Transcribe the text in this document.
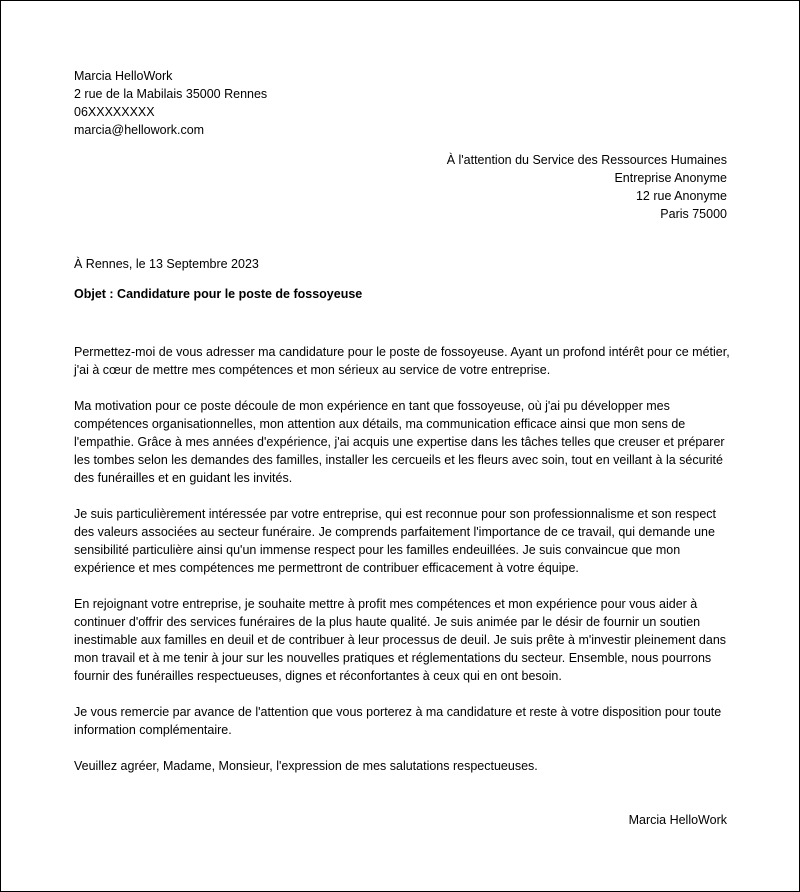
Marcia HelloWork
2 rue de la Mabilais 35000 Rennes
06XXXXXXXX
marcia@hellowork.com
À l'attention du Service des Ressources Humaines
Entreprise Anonyme
12 rue Anonyme
Paris 75000
À Rennes, le 13 Septembre 2023
Objet : Candidature pour le poste de fossoyeuse

Permettez-moi de vous adresser ma candidature pour le poste de fossoyeuse. Ayant un profond intérêt pour ce métier, j'ai à cœur de mettre mes compétences et mon sérieux au service de votre entreprise.

Ma motivation pour ce poste découle de mon expérience en tant que fossoyeuse, où j'ai pu développer mes compétences organisationnelles, mon attention aux détails, ma communication efficace ainsi que mon sens de l'empathie. Grâce à mes années d'expérience, j'ai acquis une expertise dans les tâches telles que creuser et préparer les tombes selon les demandes des familles, installer les cercueils et les fleurs avec soin, tout en veillant à la sécurité des funérailles et en guidant les invités.

Je suis particulièrement intéressée par votre entreprise, qui est reconnue pour son professionnalisme et son respect des valeurs associées au secteur funéraire. Je comprends parfaitement l'importance de ce travail, qui demande une sensibilité particulière ainsi qu'un immense respect pour les familles endeuillées. Je suis convaincue que mon expérience et mes compétences me permettront de contribuer efficacement à votre équipe.

En rejoignant votre entreprise, je souhaite mettre à profit mes compétences et mon expérience pour vous aider à continuer d'offrir des services funéraires de la plus haute qualité. Je suis animée par le désir de fournir un soutien inestimable aux familles en deuil et de contribuer à leur processus de deuil. Je suis prête à m'investir pleinement dans mon travail et à me tenir à jour sur les nouvelles pratiques et réglementations du secteur. Ensemble, nous pourrons fournir des funérailles respectueuses, dignes et réconfortantes à ceux qui en ont besoin.

Je vous remercie par avance de l'attention que vous porterez à ma candidature et reste à votre disposition pour toute information complémentaire.

Veuillez agréer, Madame, Monsieur, l'expression de mes salutations respectueuses.

Marcia HelloWork
